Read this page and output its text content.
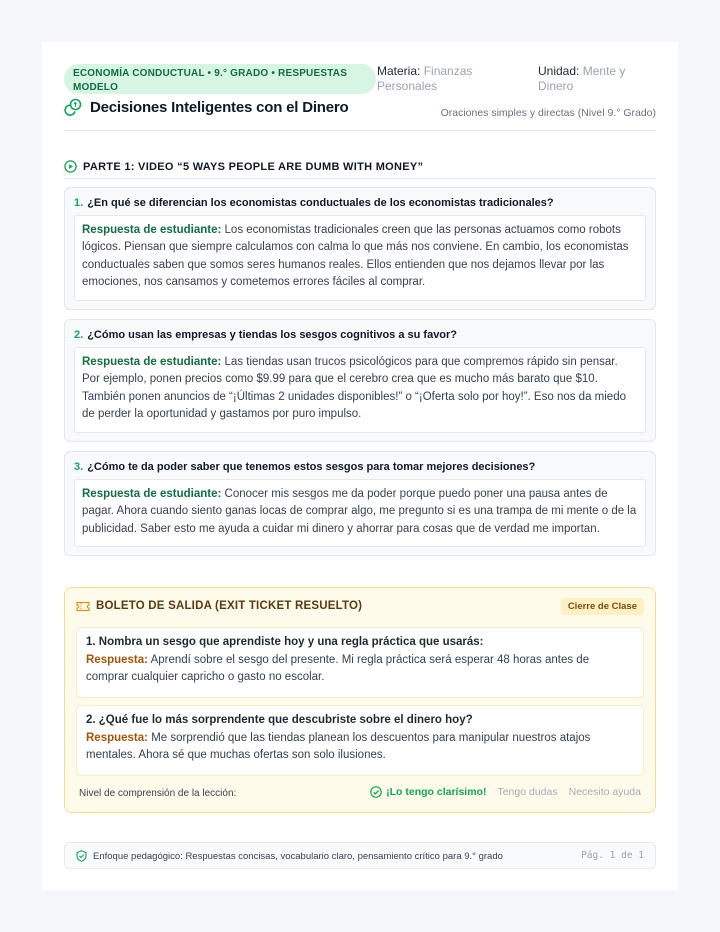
ECONOMÍA CONDUCTUAL • 9.° GRADO • RESPUESTAS MODELO
Materia: Finanzas Personales
Unidad: Mente y Dinero
Decisiones Inteligentes con el Dinero	Oraciones simples y directas (Nivel 9.° Grado)
PARTE 1: VIDEO “5 WAYS PEOPLE ARE DUMB WITH MONEY”
1. ¿En qué se diferencian los economistas conductuales de los economistas tradicionales?
Respuesta de estudiante: Los economistas tradicionales creen que las personas actuamos como robots lógicos. Piensan que siempre calculamos con calma lo que más nos conviene. En cambio, los economistas conductuales saben que somos seres humanos reales. Ellos entienden que nos dejamos llevar por las emociones, nos cansamos y cometemos errores fáciles al comprar.
2. ¿Cómo usan las empresas y tiendas los sesgos cognitivos a su favor?
Respuesta de estudiante: Las tiendas usan trucos psicológicos para que compremos rápido sin pensar. Por ejemplo, ponen precios como $9.99 para que el cerebro crea que es mucho más barato que $10. También ponen anuncios de “¡Últimas 2 unidades disponibles!” o “¡Oferta solo por hoy!”. Eso nos da miedo de perder la oportunidad y gastamos por puro impulso.
3. ¿Cómo te da poder saber que tenemos estos sesgos para tomar mejores decisiones?
Respuesta de estudiante: Conocer mis sesgos me da poder porque puedo poner una pausa antes de pagar. Ahora cuando siento ganas locas de comprar algo, me pregunto si es una trampa de mi mente o de la publicidad. Saber esto me ayuda a cuidar mi dinero y ahorrar para cosas que de verdad me importan.
BOLETO DE SALIDA (EXIT TICKET RESUELTO)	Cierre de Clase
1. Nombra un sesgo que aprendiste hoy y una regla práctica que usarás:
Respuesta: Aprendí sobre el sesgo del presente. Mi regla práctica será esperar 48 horas antes de comprar cualquier capricho o gasto no escolar.
2. ¿Qué fue lo más sorprendente que descubriste sobre el dinero hoy?
Respuesta: Me sorprendió que las tiendas planean los descuentos para manipular nuestros atajos mentales. Ahora sé que muchas ofertas son solo ilusiones.
Nivel de comprensión de la lección:	¡Lo tengo clarísimo! Tengo dudas Necesito ayuda
Enfoque pedagógico: Respuestas concisas, vocabulario claro, pensamiento crítico para 9.° grado	Pág. 1 de 1
